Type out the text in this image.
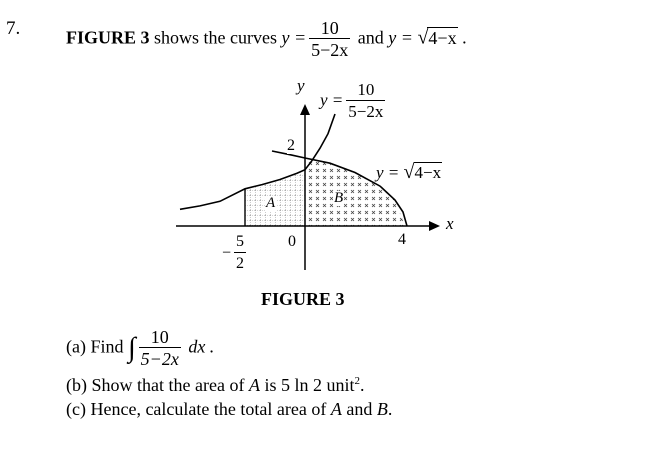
7.	FIGURE 3 shows the curves $y = \frac{10}{5-2x}$ and y = √4−x .
y
x
$y = \frac{10}{5-2x}$
y = √4−x
A	B
2
0	4
− $\frac{5}{2}$
FIGURE 3
(a) Find ∫ $\frac{10}{5-2x}$ dx .
(b) Show that the area of A is 5 ln 2 unit$^2$.
(c) Hence, calculate the total area of A and B.
